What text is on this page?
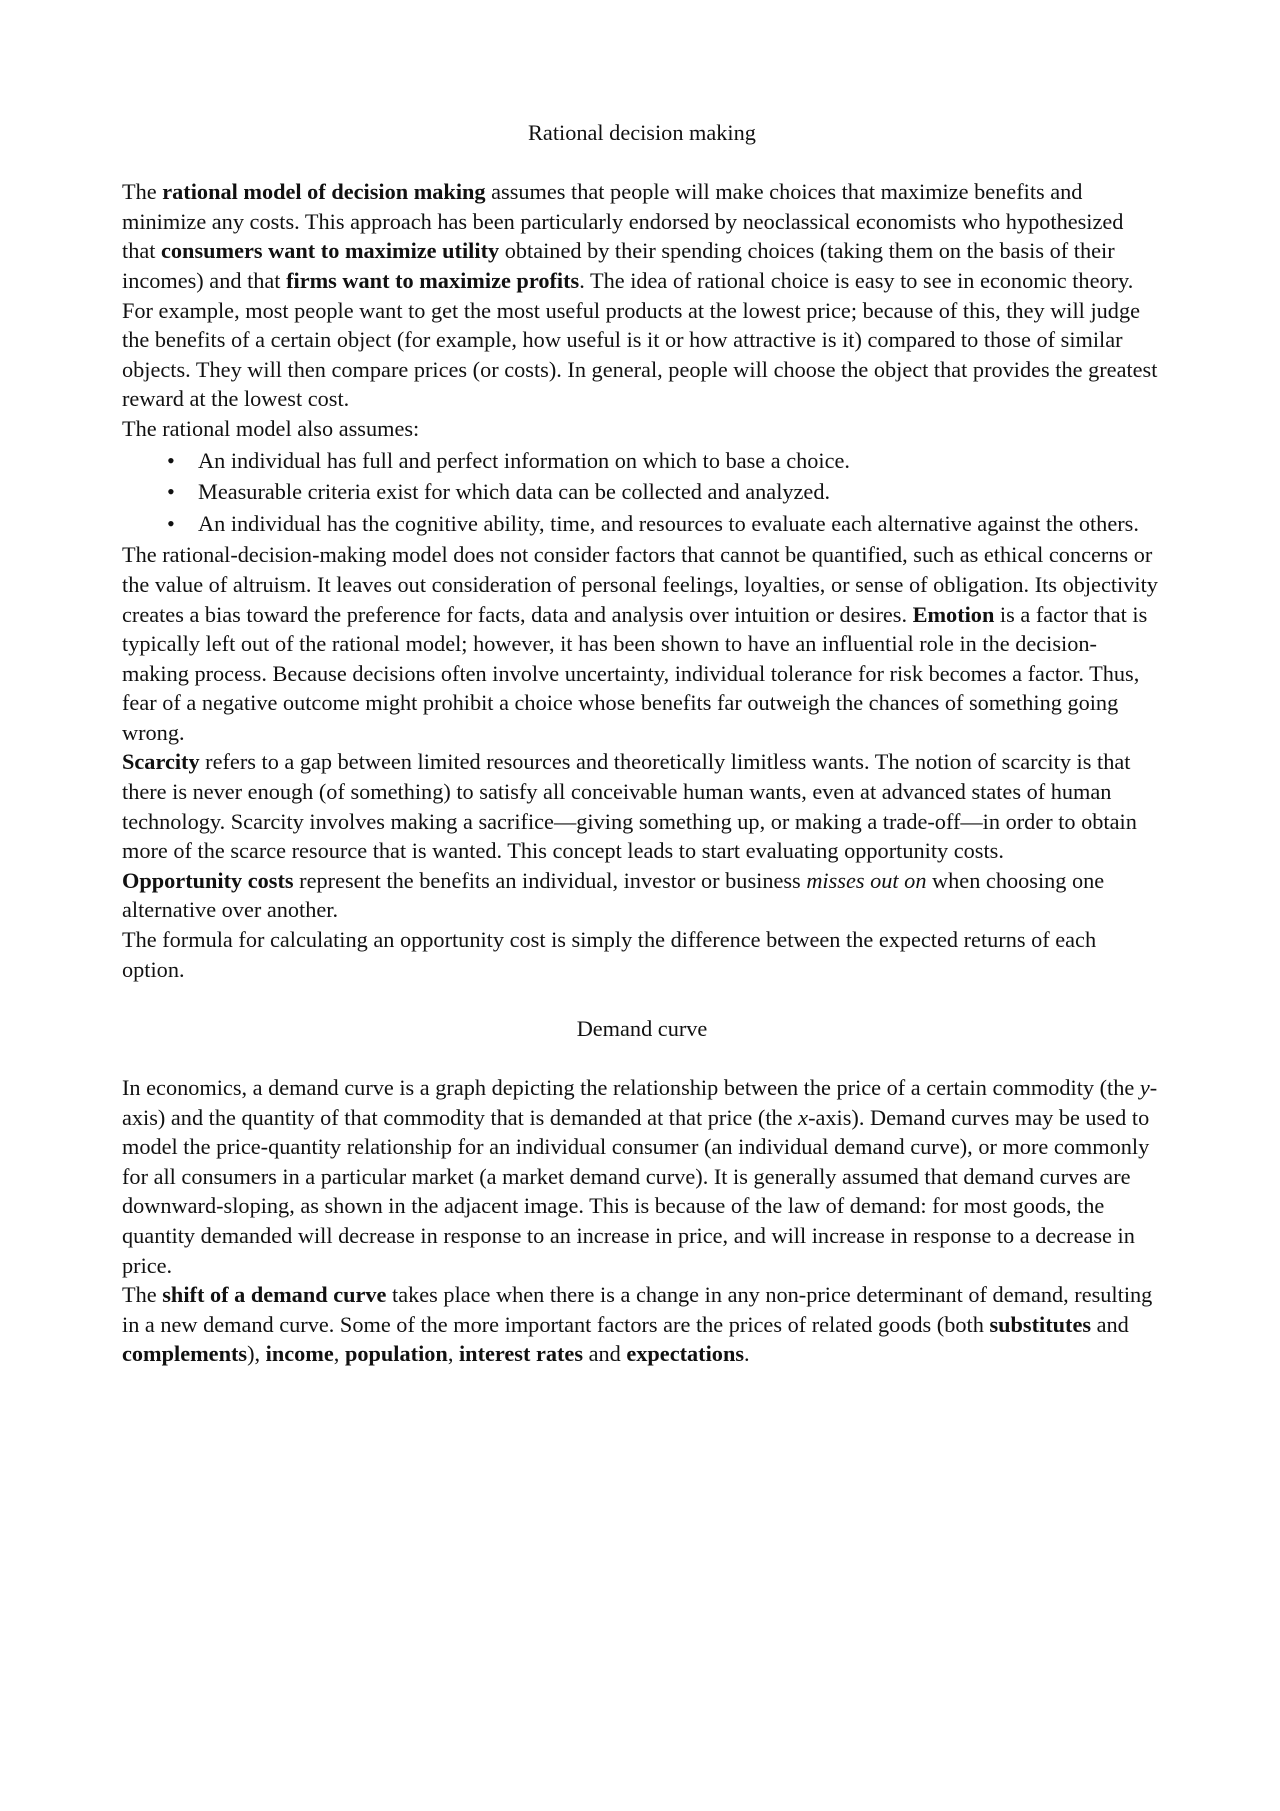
Rational decision making

The rational model of decision making assumes that people will make choices that maximize benefits and minimize any costs. This approach has been particularly endorsed by neoclassical economists who hypothesized that consumers want to maximize utility obtained by their spending choices (taking them on the basis of their incomes) and that firms want to maximize profits. The idea of rational choice is easy to see in economic theory. For example, most people want to get the most useful products at the lowest price; because of this, they will judge the benefits of a certain object (for example, how useful is it or how attractive is it) compared to those of similar objects. They will then compare prices (or costs). In general, people will choose the object that provides the greatest reward at the lowest cost.

The rational model also assumes:

• An individual has full and perfect information on which to base a choice.
• Measurable criteria exist for which data can be collected and analyzed.
• An individual has the cognitive ability, time, and resources to evaluate each alternative against the others.

The rational-decision-making model does not consider factors that cannot be quantified, such as ethical concerns or the value of altruism. It leaves out consideration of personal feelings, loyalties, or sense of obligation. Its objectivity creates a bias toward the preference for facts, data and analysis over intuition or desires. Emotion is a factor that is typically left out of the rational model; however, it has been shown to have an influential role in the decision-making process. Because decisions often involve uncertainty, individual tolerance for risk becomes a factor. Thus, fear of a negative outcome might prohibit a choice whose benefits far outweigh the chances of something going wrong.

Scarcity refers to a gap between limited resources and theoretically limitless wants. The notion of scarcity is that there is never enough (of something) to satisfy all conceivable human wants, even at advanced states of human technology. Scarcity involves making a sacrifice—giving something up, or making a trade-off—in order to obtain more of the scarce resource that is wanted. This concept leads to start evaluating opportunity costs.

Opportunity costs represent the benefits an individual, investor or business misses out on when choosing one alternative over another.

The formula for calculating an opportunity cost is simply the difference between the expected returns of each option.

Demand curve

In economics, a demand curve is a graph depicting the relationship between the price of a certain commodity (the y-axis) and the quantity of that commodity that is demanded at that price (the x-axis). Demand curves may be used to model the price-quantity relationship for an individual consumer (an individual demand curve), or more commonly for all consumers in a particular market (a market demand curve). It is generally assumed that demand curves are downward-sloping, as shown in the adjacent image. This is because of the law of demand: for most goods, the quantity demanded will decrease in response to an increase in price, and will increase in response to a decrease in price.

The shift of a demand curve takes place when there is a change in any non-price determinant of demand, resulting in a new demand curve. Some of the more important factors are the prices of related goods (both substitutes and complements), income, population, interest rates and expectations.
